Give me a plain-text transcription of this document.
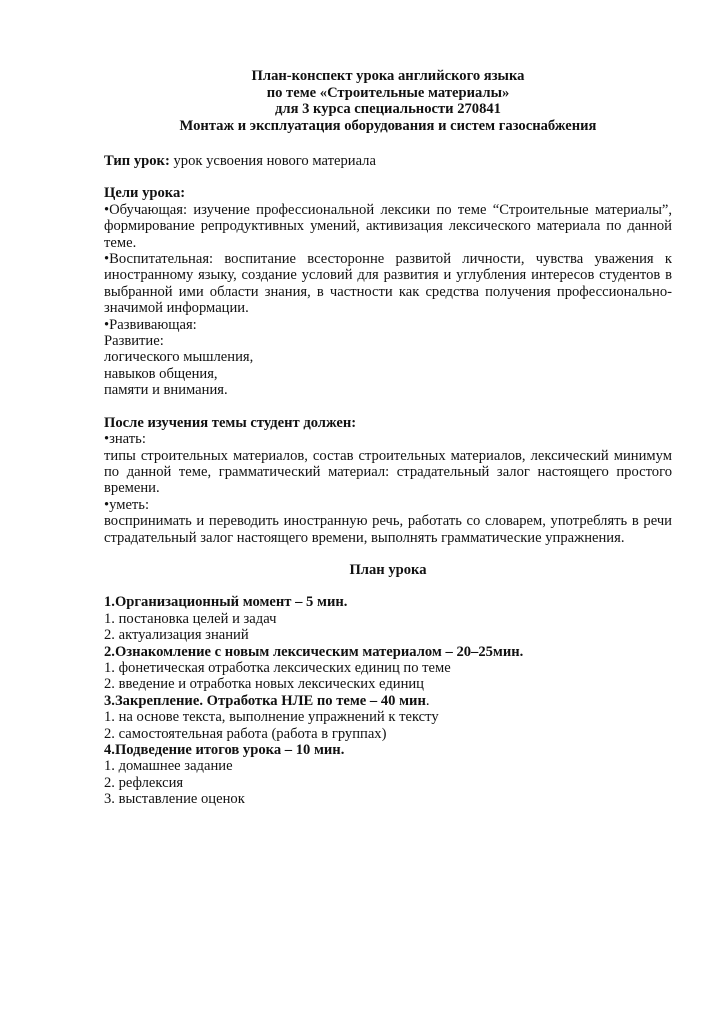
План-конспект урока английского языка
по теме «Строительные материалы»
для 3 курса специальности 270841
Монтаж и эксплуатация оборудования и систем газоснабжения
Тип урок: урок усвоения нового материала
Цели урока:
•Обучающая: изучение профессиональной лексики по теме “Строительные материалы”, формирование репродуктивных умений, активизация лексического материала по данной теме.
•Воспитательная: воспитание всесторонне развитой личности, чувства уважения к иностранному языку, создание условий для развития и углубления интересов студентов в выбранной ими области знания, в частности как средства получения профессионально-значимой информации.
•Развивающая:
Развитие:
логического мышления,
навыков общения,
памяти и внимания.
После изучения темы студент должен:
•знать:
типы строительных материалов, состав строительных материалов, лексический минимум по данной теме, грамматический материал: страдательный залог настоящего простого времени.
•уметь:
воспринимать и переводить иностранную речь, работать со словарем, употреблять в речи страдательный залог настоящего времени, выполнять грамматические упражнения.
План урока
1.Организационный момент – 5 мин.
1. постановка целей и задач
2. актуализация знаний
2.Ознакомление с новым лексическим материалом – 20–25мин.
1. фонетическая отработка лексических единиц по теме
2. введение и отработка новых лексических единиц
3.Закрепление. Отработка НЛЕ по теме – 40 мин.
1. на основе текста, выполнение упражнений к тексту
2. самостоятельная работа (работа в группах)
4.Подведение итогов урока – 10 мин.
1. домашнее задание
2. рефлексия
3. выставление оценок
